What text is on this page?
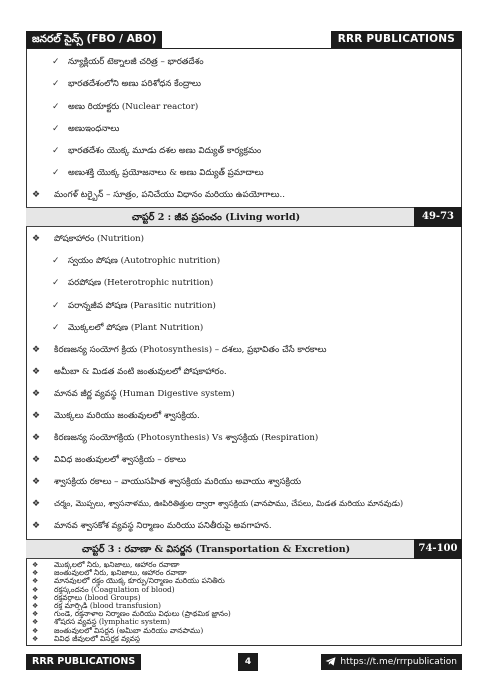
జనరల్ సైన్స్ (FBO / ABO)	RRR PUBLICATIONS
✓ న్యూక్లియర్ టెక్నాలజీ చరిత్ర – భారతదేశం
✓ భారతదేశంలోని అణు పరిశోధన కేంద్రాలు
✓ అణు రియాక్టరు (Nuclear reactor)
✓ అణుఇంధనాలు
✓ భారతదేశం యొక్క మూడు దశల అణు విద్యుత్ కార్యక్రమం
✓ అణుశక్తి యొక్క ప్రయోజనాలు & అణు విద్యుత్ ప్రమాదాలు
❖ మంగళ్ టర్బైన్ – సూత్రం, పనిచేయు విధానం మరియు ఉపయోగాలు..
చాప్టర్ 2 : జీవ ప్రపంచం (Living world)	49-73
❖ పోషకాహారం (Nutrition)
✓ స్వయం పోషణ (Autotrophic nutrition)
✓ పరపోషణ (Heterotrophic nutrition)
✓ పరాన్నజీవ పోషణ (Parasitic nutrition)
✓ మొక్కలలో పోషణ (Plant Nutrition)
❖ కిరణజన్య సంయోగ క్రియ (Photosynthesis) – దశలు, ప్రభావితం చేసే కారకాలు
❖ అమీబా & మిడత వంటి జంతువులలో పోషకాహారం.
❖ మానవ జీర్ణ వ్యవస్థ (Human Digestive system)
❖ మొక్కలు మరియు జంతువులలో శ్వాసక్రియ.
❖ కిరణజన్య సంయోగక్రియ (Photosynthesis) Vs శ్వాసక్రియ (Respiration)
❖ వివిధ జంతువులలో శ్వాసక్రియ – రకాలు
❖ శ్వాసక్రియ రకాలు – వాయుసహిత శ్వాసక్రియ మరియు అవాయు శ్వాసక్రియ
❖ చర్మం, మొప్పలు, శ్వాసనాళము, ఊపిరితిత్తుల ద్వారా శ్వాసక్రియ (వానపాము, చేపలు, మిడత మరియు మానవుడు)
❖ మానవ శ్వాసకోశ వ్యవస్థ నిర్మాణం మరియు పనితీరుపై అవగాహన.
చాప్టర్ 3 : రవాణా & విసర్జన (Transportation & Excretion)	74-100
❖ మొక్కలలో నీరు, ఖనిజాలు, ఆహారం రవాణా
❖ జంతువులలో నీరు, ఖనిజాలు, ఆహారం రవాణా
❖ మానవులలో రక్తం యొక్క కూర్పు/నిర్మాణం మరియు పనితీరు
❖ రక్తస్కందనం (Coagulation of blood)
❖ రక్తవర్గాలు (blood Groups)
❖ రక్త మార్పిడి (blood transfusion)
❖ గుండె, రక్తనాళాల నిర్మాణం మరియు విధులు (ప్రాథమిక జ్ఞానం)
❖ శోషరస వ్యవస్థ (lymphatic system)
❖ జంతువులలో విసర్జన (అమీబా మరియు వానపాము)
❖ వివిధ జీవులలో విసర్జక వ్యవస్థ
RRR PUBLICATIONS	4	https://t.me/rrrpublication
